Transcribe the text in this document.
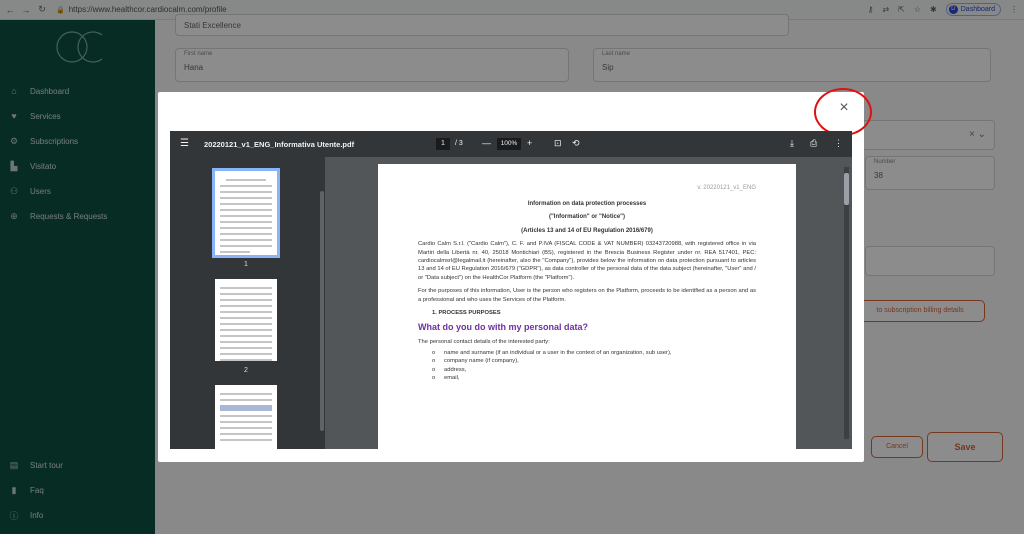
← → ↻	🔒 https://www.healthcor.cardiocalm.com/profile	⚷ ⇄ ⇱ ☆ ✱	D Dashboard ⋮
⌂	Dashboard
♥	Services
⚙ Subscriptions
▙	Visitato
⚇ Users
⊕ Requests & Requests
▤ Start tour
▮	Faq
ⓘ Info
Stati Excellence
First name
Hana
Last name
Sip
× ⌄
Number
38
to subscription billing details
Cancel	Save
×
☰ 20220121_v1_ENG_Informativa Utente.pdf	1	/ 3 —	100%	+ ⊡ ⟲	⤓ ⎙ ⋮
1
2
v. 20220121_v1_ENG
Information on data protection processes
("Information" or "Notice")
(Articles 13 and 14 of EU Regulation 2016/679)
Cardio Calm S.r.l. ("Cardio Calm"), C. F. and P.IVA (FISCAL CODE & VAT NUMBER) 03243720988, with registered office in via Martiri della Libertà nr. 40, 25018 Montichiari (BS), registered in the Brescia Business Register under nr. REA 517401, PEC: cardiocalmsrl@legalmail.it (hereinafter, also the "Company"), provides below the information on data protection pursuant to articles 13 and 14 of EU Regulation 2016/679 ("GDPR"), as data controller of the personal data of the data subject (hereinafter, "User" and / or "Data subject") on the HealthCor Platform (the "Platform").
For the purposes of this information, User is the person who registers on the Platform, proceeds to be identified as a person and as a professional and who uses the Services of the Platform.
1. PROCESS PURPOSES
What do you do with my personal data?
The personal contact details of the interested party:
o name and surname (if an individual or a user in the context of an organization, sub user),
o company name (if company),
o address,
o email,
